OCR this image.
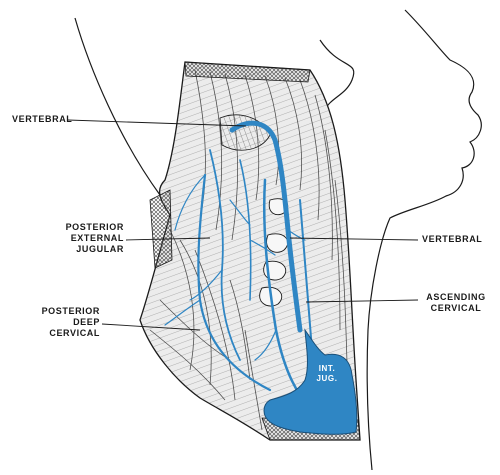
VERTEBRAL
POSTERIOR
EXTERNAL
JUGULAR
POSTERIOR
DEEP
CERVICAL
VERTEBRAL
ASCENDING
CERVICAL
INT.
JUG.
